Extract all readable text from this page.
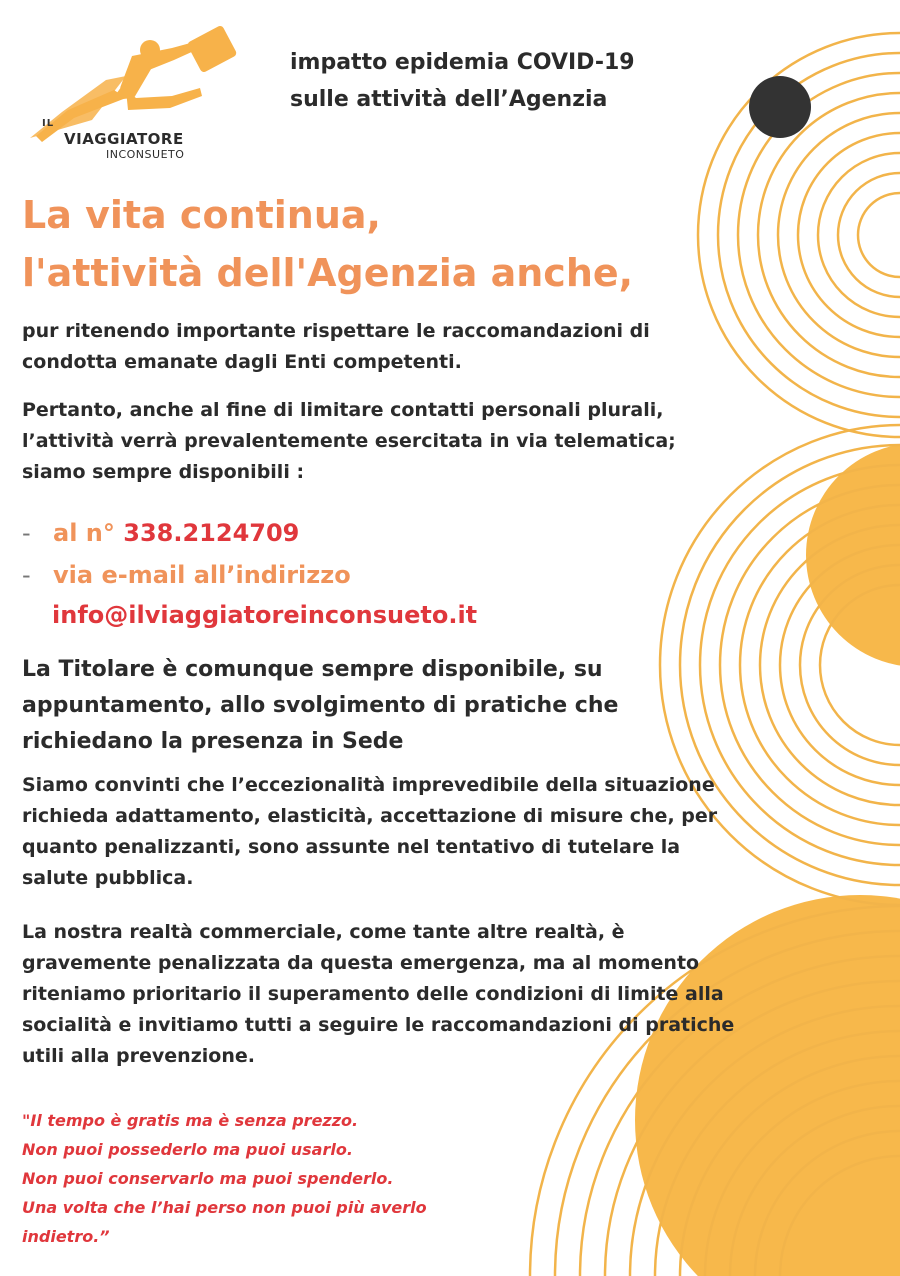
IL
VIAGGIATORE
INCONSUETO
impatto epidemia COVID-19
sulle attività dell’Agenzia
La vita continua,
l'attività dell'Agenzia anche,
pur ritenendo importante rispettare le raccomandazioni di condotta emanate dagli Enti competenti.
Pertanto, anche al fine di limitare contatti personali plurali, l’attività verrà prevalentemente esercitata in via telematica; siamo sempre disponibili :
- al n° 338.2124709
- via e-mail all’indirizzo
info@ilviaggiatoreinconsueto.it
La Titolare è comunque sempre disponibile, su appuntamento, allo svolgimento di pratiche che richiedano la presenza in Sede
Siamo convinti che l’eccezionalità imprevedibile della situazione richieda adattamento, elasticità, accettazione di misure che, per quanto penalizzanti, sono assunte nel tentativo di tutelare la salute pubblica.
La nostra realtà commerciale, come tante altre realtà, è gravemente penalizzata da questa emergenza, ma al momento riteniamo prioritario il superamento delle condizioni di limite alla socialità e invitiamo tutti a seguire le raccomandazioni di pratiche utili alla prevenzione.
"Il tempo è gratis ma è senza prezzo.
Non puoi possederlo ma puoi usarlo.
Non puoi conservarlo ma puoi spenderlo.
Una volta che l’hai perso non puoi più averlo
indietro.”
